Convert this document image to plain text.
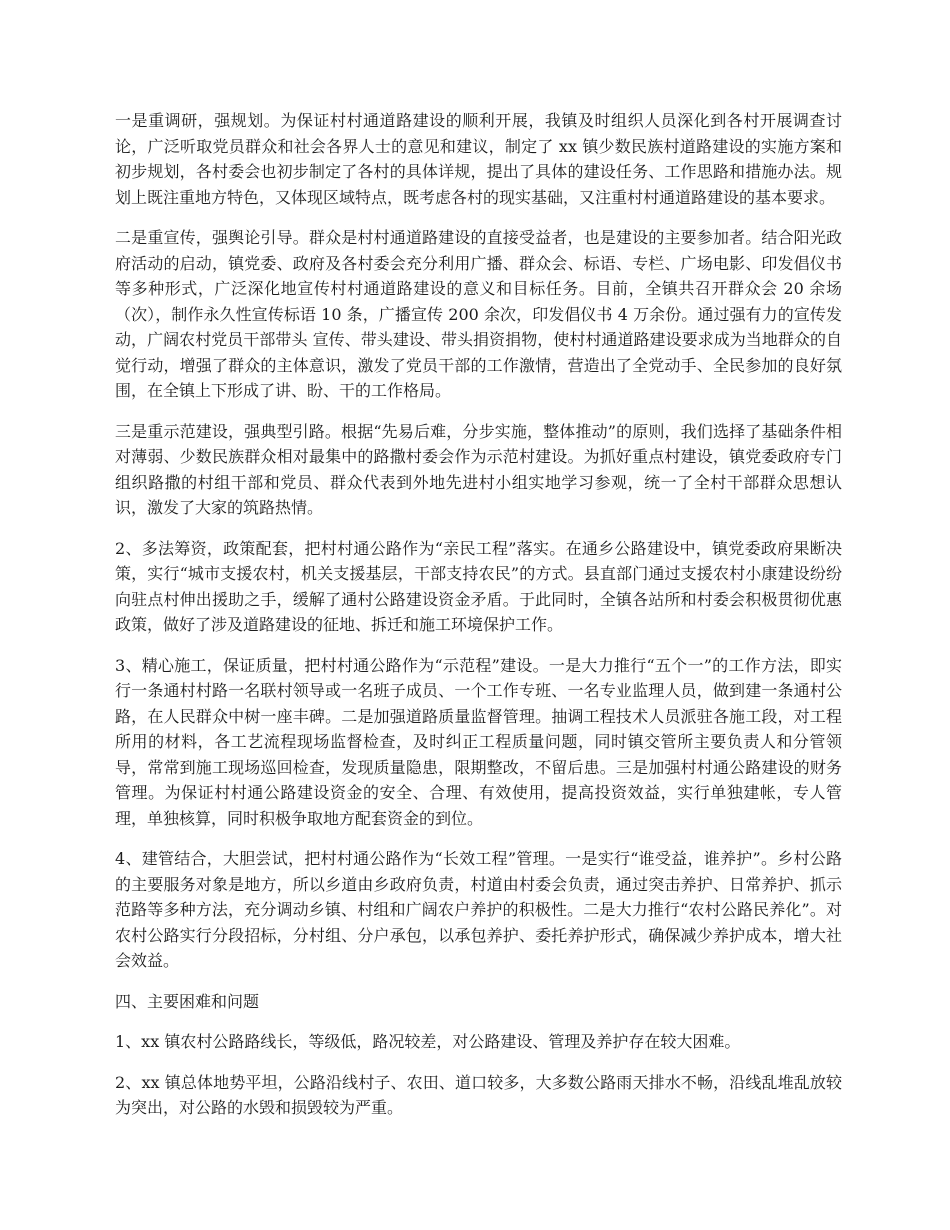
一是重调研，强规划。为保证村村通道路建设的顺利开展，我镇及时组织人员深化到各村开展调查讨论，广泛听取党员群众和社会各界人士的意见和建议，制定了 xx 镇少数民族村道路建设的实施方案和初步规划，各村委会也初步制定了各村的具体详规，提出了具体的建设任务、工作思路和措施办法。规划上既注重地方特色，又体现区域特点，既考虑各村的现实基础，又注重村村通道路建设的基本要求。

二是重宣传，强舆论引导。群众是村村通道路建设的直接受益者，也是建设的主要参加者。结合阳光政府活动的启动，镇党委、政府及各村委会充分利用广播、群众会、标语、专栏、广场电影、印发倡仪书等多种形式，广泛深化地宣传村村通道路建设的意义和目标任务。目前，全镇共召开群众会 20 余场（次），制作永久性宣传标语 10 条，广播宣传 200 余次，印发倡仪书 4 万余份。通过强有力的宣传发动，广阔农村党员干部带头 宣传、带头建设、带头捐资捐物，使村村通道路建设要求成为当地群众的自觉行动，增强了群众的主体意识，激发了党员干部的工作激情，营造出了全党动手、全民参加的良好氛围，在全镇上下形成了讲、盼、干的工作格局。

三是重示范建设，强典型引路。根据“先易后难，分步实施，整体推动”的原则，我们选择了基础条件相对薄弱、少数民族群众相对最集中的路撒村委会作为示范村建设。为抓好重点村建设，镇党委政府专门组织路撒的村组干部和党员、群众代表到外地先进村小组实地学习参观，统一了全村干部群众思想认识，激发了大家的筑路热情。

2、多法筹资，政策配套，把村村通公路作为“亲民工程”落实。在通乡公路建设中，镇党委政府果断决策，实行“城市支援农村，机关支援基层，干部支持农民”的方式。县直部门通过支援农村小康建设纷纷向驻点村伸出援助之手，缓解了通村公路建设资金矛盾。于此同时，全镇各站所和村委会积极贯彻优惠政策，做好了涉及道路建设的征地、拆迁和施工环境保护工作。

3、精心施工，保证质量，把村村通公路作为“示范程”建设。一是大力推行“五个一”的工作方法，即实行一条通村村路一名联村领导或一名班子成员、一个工作专班、一名专业监理人员，做到建一条通村公路，在人民群众中树一座丰碑。二是加强道路质量监督管理。抽调工程技术人员派驻各施工段，对工程所用的材料，各工艺流程现场监督检查，及时纠正工程质量问题，同时镇交管所主要负责人和分管领导，常常到施工现场巡回检查，发现质量隐患，限期整改，不留后患。三是加强村村通公路建设的财务管理。为保证村村通公路建设资金的安全、合理、有效使用，提高投资效益，实行单独建帐，专人管理，单独核算，同时积极争取地方配套资金的到位。

4、建管结合，大胆尝试，把村村通公路作为“长效工程”管理。一是实行“谁受益，谁养护”。乡村公路的主要服务对象是地方，所以乡道由乡政府负责，村道由村委会负责，通过突击养护、日常养护、抓示范路等多种方法，充分调动乡镇、村组和广阔农户养护的积极性。二是大力推行“农村公路民养化”。对农村公路实行分段招标，分村组、分户承包，以承包养护、委托养护形式，确保减少养护成本，增大社会效益。

四、主要困难和问题

1、xx 镇农村公路路线长，等级低，路况较差，对公路建设、管理及养护存在较大困难。

2、xx 镇总体地势平坦，公路沿线村子、农田、道口较多，大多数公路雨天排水不畅，沿线乱堆乱放较为突出，对公路的水毁和损毁较为严重。
